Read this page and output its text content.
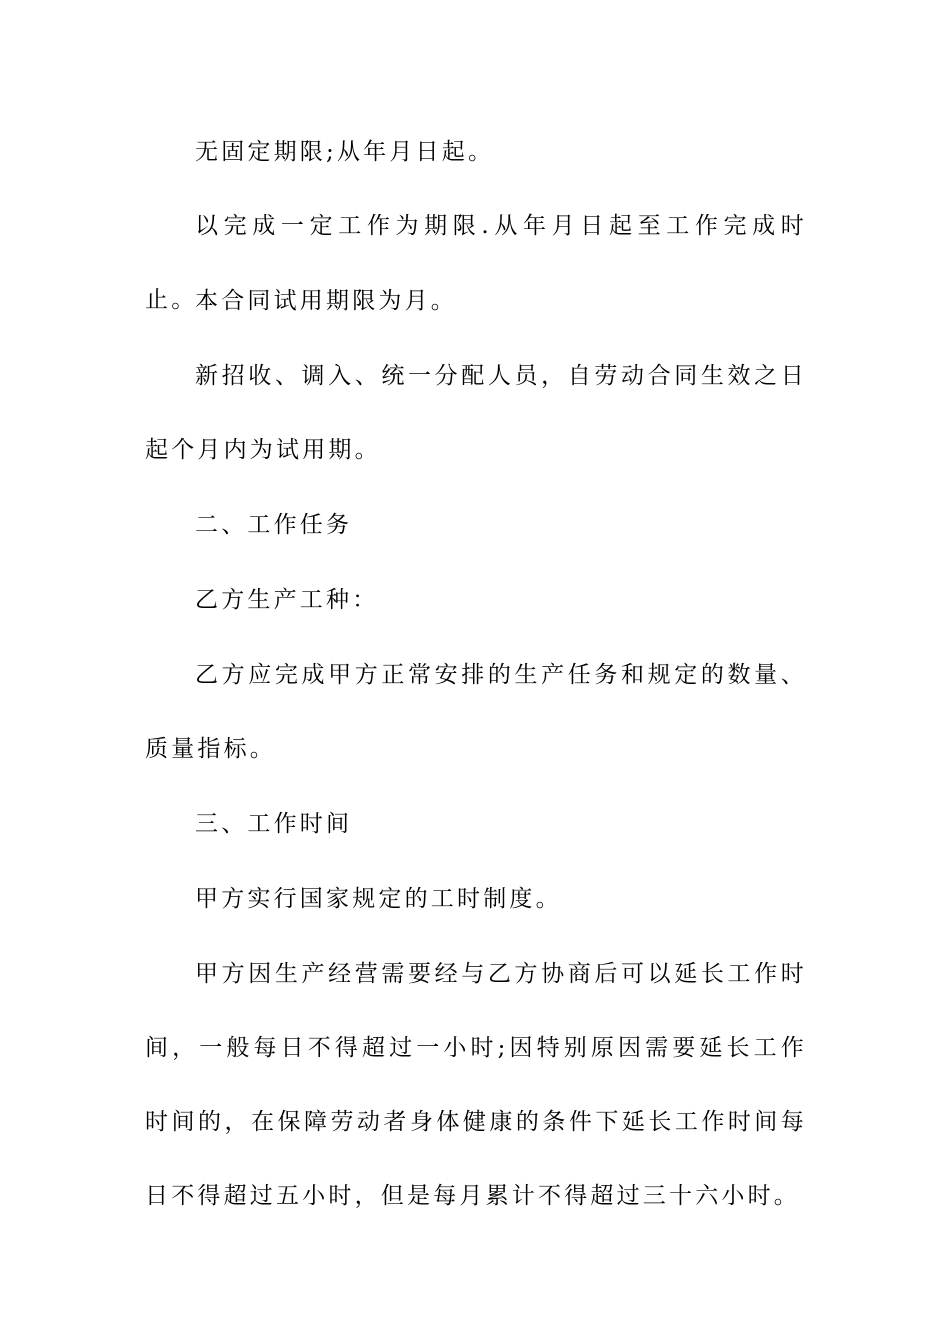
无固定期限;从年月日起。

以完成一定工作为期限.从年月日起至工作完成时止。

本合同试用期限为月。

新招收、调入、统一分配人员，自劳动合同生效之日起个月内为试用期。

二、工作任务

乙方生产工种：

乙方应完成甲方正常安排的生产任务和规定的数量、质量指标。

三、工作时间

甲方实行国家规定的工时制度。

甲方因生产经营需要经与乙方协商后可以延长工作时间，一般每日不得超过一小时;因特别原因需要延长工作时间的，在保障劳动者身体健康的条件下延长工作时间每日不得超过五小时，但是每月累计不得超过三十六小时。
